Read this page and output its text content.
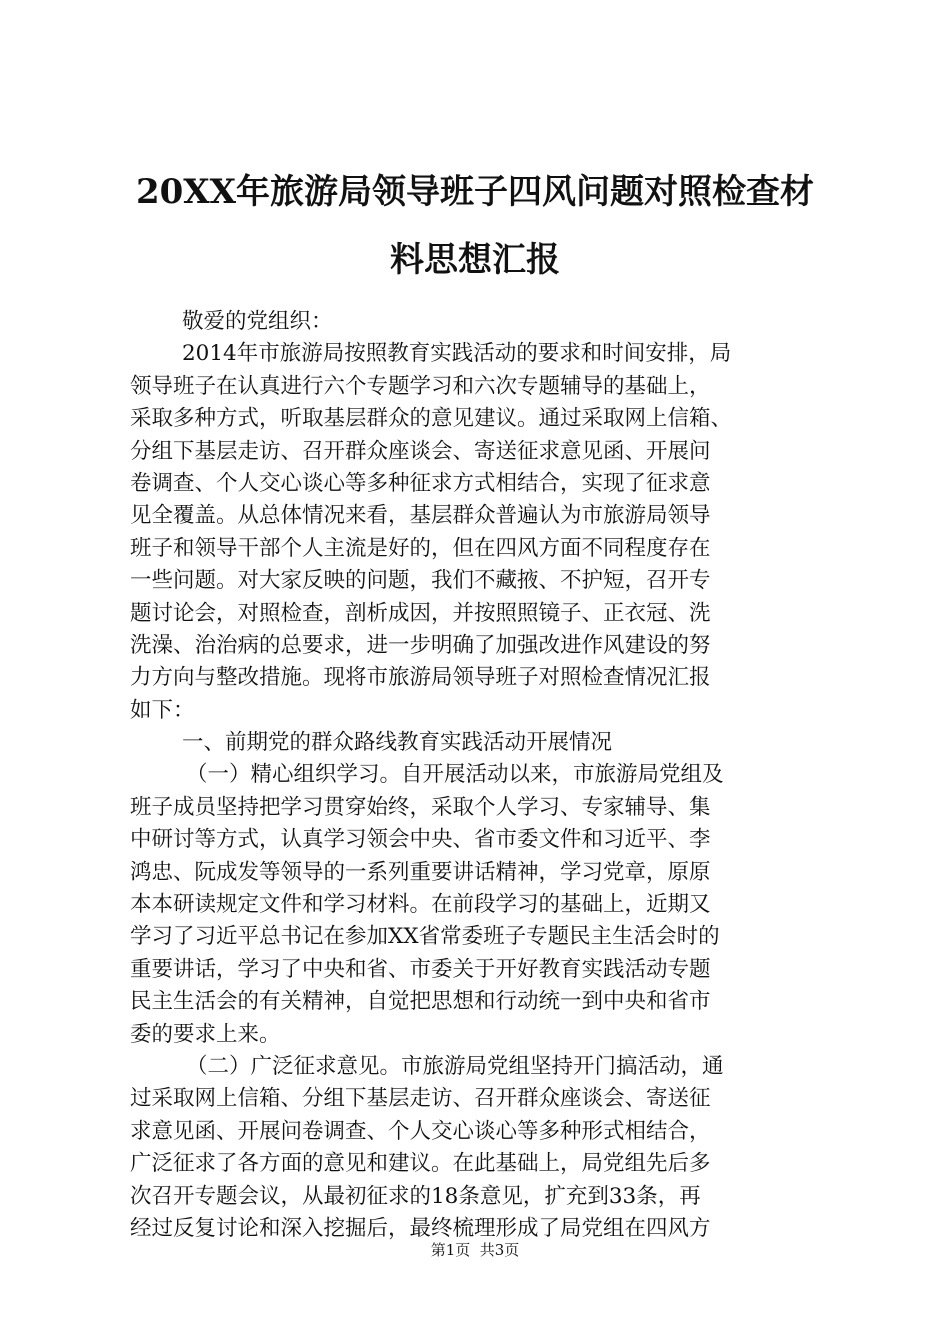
20XX年旅游局领导班子四风问题对照检查材
料思想汇报

敬爱的党组织：

2014年市旅游局按照教育实践活动的要求和时间安排，局
领导班子在认真进行六个专题学习和六次专题辅导的基础上，
采取多种方式，听取基层群众的意见建议。通过采取网上信箱、
分组下基层走访、召开群众座谈会、寄送征求意见函、开展问
卷调查、个人交心谈心等多种征求方式相结合，实现了征求意
见全覆盖。从总体情况来看，基层群众普遍认为市旅游局领导
班子和领导干部个人主流是好的，但在四风方面不同程度存在
一些问题。对大家反映的问题，我们不藏掖、不护短，召开专
题讨论会，对照检查，剖析成因，并按照照镜子、正衣冠、洗
洗澡、治治病的总要求，进一步明确了加强改进作风建设的努
力方向与整改措施。现将市旅游局领导班子对照检查情况汇报
如下：

一、前期党的群众路线教育实践活动开展情况

（一）精心组织学习。自开展活动以来，市旅游局党组及
班子成员坚持把学习贯穿始终，采取个人学习、专家辅导、集
中研讨等方式，认真学习领会中央、省市委文件和习近平、李
鸿忠、阮成发等领导的一系列重要讲话精神，学习党章，原原
本本研读规定文件和学习材料。在前段学习的基础上，近期又
学习了习近平总书记在参加XX省常委班子专题民主生活会时的
重要讲话，学习了中央和省、市委关于开好教育实践活动专题
民主生活会的有关精神，自觉把思想和行动统一到中央和省市
委的要求上来。

（二）广泛征求意见。市旅游局党组坚持开门搞活动，通
过采取网上信箱、分组下基层走访、召开群众座谈会、寄送征
求意见函、开展问卷调查、个人交心谈心等多种形式相结合，
广泛征求了各方面的意见和建议。在此基础上，局党组先后多
次召开专题会议，从最初征求的18条意见，扩充到33条，再
经过反复讨论和深入挖掘后，最终梳理形成了局党组在四风方

第1页  共3页
